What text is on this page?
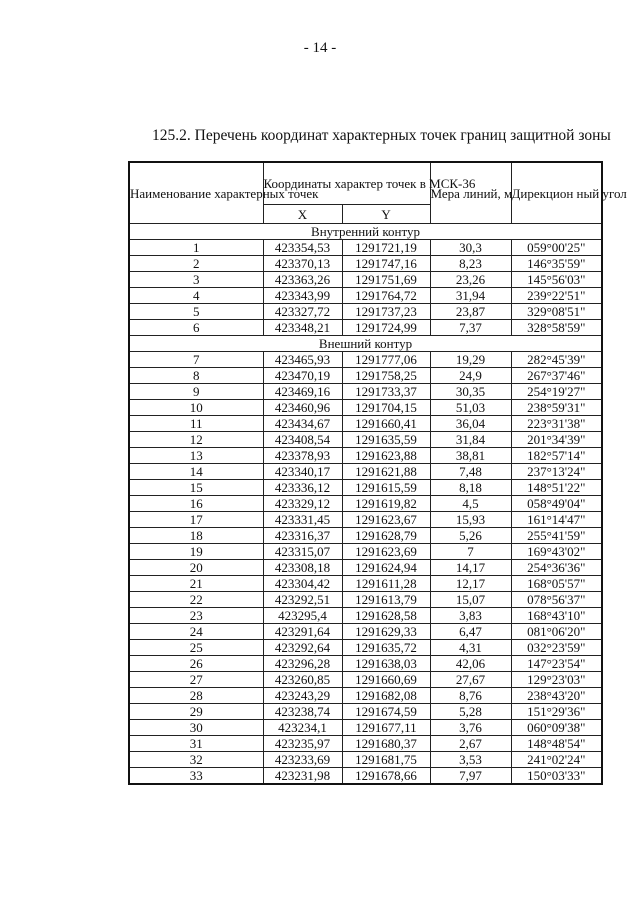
- 14 -
125.2. Перечень координат характерных точек границ защитной зоны
Наименование характерных точек	Координаты характер точек в МСК-36		Мера линий, м	Дирекцион ный угол
	X	Y		
Внутренний контур				
1	423354,53	1291721,19	30,3	059°00'25"
2	423370,13	1291747,16	8,23	146°35'59"
3	423363,26	1291751,69	23,26	145°56'03"
4	423343,99	1291764,72	31,94	239°22'51"
5	423327,72	1291737,23	23,87	329°08'51"
6	423348,21	1291724,99	7,37	328°58'59"
Внешний контур				
7	423465,93	1291777,06	19,29	282°45'39"
8	423470,19	1291758,25	24,9	267°37'46"
9	423469,16	1291733,37	30,35	254°19'27"
10	423460,96	1291704,15	51,03	238°59'31"
11	423434,67	1291660,41	36,04	223°31'38"
12	423408,54	1291635,59	31,84	201°34'39"
13	423378,93	1291623,88	38,81	182°57'14"
14	423340,17	1291621,88	7,48	237°13'24"
15	423336,12	1291615,59	8,18	148°51'22"
16	423329,12	1291619,82	4,5	058°49'04"
17	423331,45	1291623,67	15,93	161°14'47"
18	423316,37	1291628,79	5,26	255°41'59"
19	423315,07	1291623,69	7	169°43'02"
20	423308,18	1291624,94	14,17	254°36'36"
21	423304,42	1291611,28	12,17	168°05'57"
22	423292,51	1291613,79	15,07	078°56'37"
23	423295,4	1291628,58	3,83	168°43'10"
24	423291,64	1291629,33	6,47	081°06'20"
25	423292,64	1291635,72	4,31	032°23'59"
26	423296,28	1291638,03	42,06	147°23'54"
27	423260,85	1291660,69	27,67	129°23'03"
28	423243,29	1291682,08	8,76	238°43'20"
29	423238,74	1291674,59	5,28	151°29'36"
30	423234,1	1291677,11	3,76	060°09'38"
31	423235,97	1291680,37	2,67	148°48'54"
32	423233,69	1291681,75	3,53	241°02'24"
33	423231,98	1291678,66	7,97	150°03'33"
